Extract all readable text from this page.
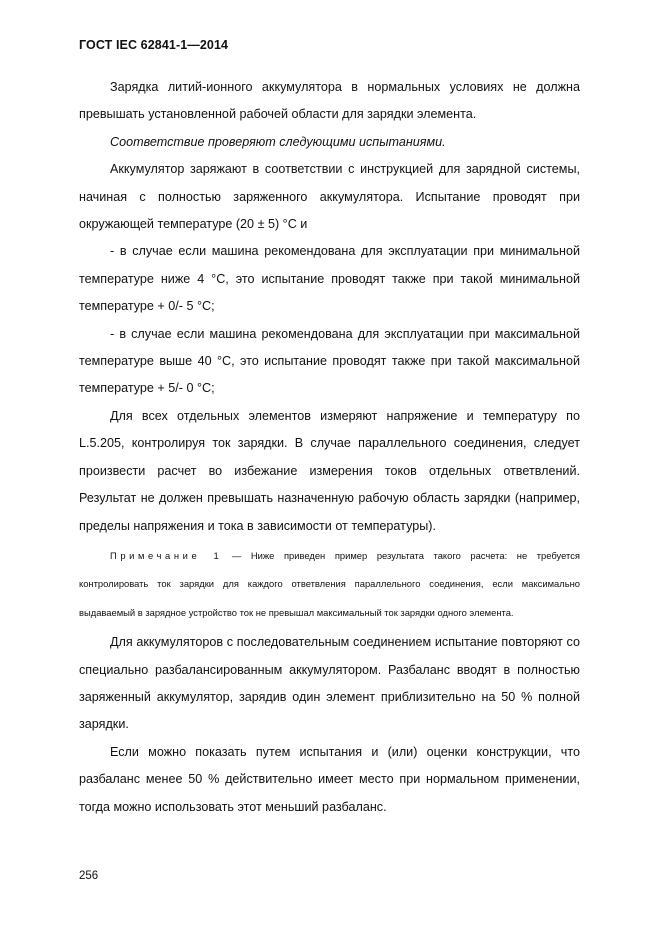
ГОСТ IEC 62841-1—2014

Зарядка литий-ионного аккумулятора в нормальных условиях не должна превышать установленной рабочей области для зарядки элемента.

Соответствие проверяют следующими испытаниями.

Аккумулятор заряжают в соответствии с инструкцией для зарядной системы, начиная с полностью заряженного аккумулятора. Испытание проводят при окружающей температуре (20 ± 5) °С и

- в случае если машина рекомендована для эксплуатации при минимальной температуре ниже 4 °С, это испытание проводят также при такой минимальной температуре + 0/- 5 °С;

- в случае если машина рекомендована для эксплуатации при максимальной температуре выше 40 °С, это испытание проводят также при такой максимальной температуре + 5/- 0 °С;

Для всех отдельных элементов измеряют напряжение и температуру по L.5.205, контролируя ток зарядки. В случае параллельного соединения, следует произвести расчет во избежание измерения токов отдельных ответвлений. Результат не должен превышать назначенную рабочую область зарядки (например, пределы напряжения и тока в зависимости от температуры).

Примечание 1 — Ниже приведен пример результата такого расчета: не требуется контролировать ток зарядки для каждого ответвления параллельного соединения, если максимально выдаваемый в зарядное устройство ток не превышал максимальный ток зарядки одного элемента.

Для аккумуляторов с последовательным соединением испытание повторяют со специально разбалансированным аккумулятором. Разбаланс вводят в полностью заряженный аккумулятор, зарядив один элемент приблизительно на 50 % полной зарядки.

Если можно показать путем испытания и (или) оценки конструкции, что разбаланс менее 50 % действительно имеет место при нормальном применении, тогда можно использовать этот меньший разбаланс.

256
